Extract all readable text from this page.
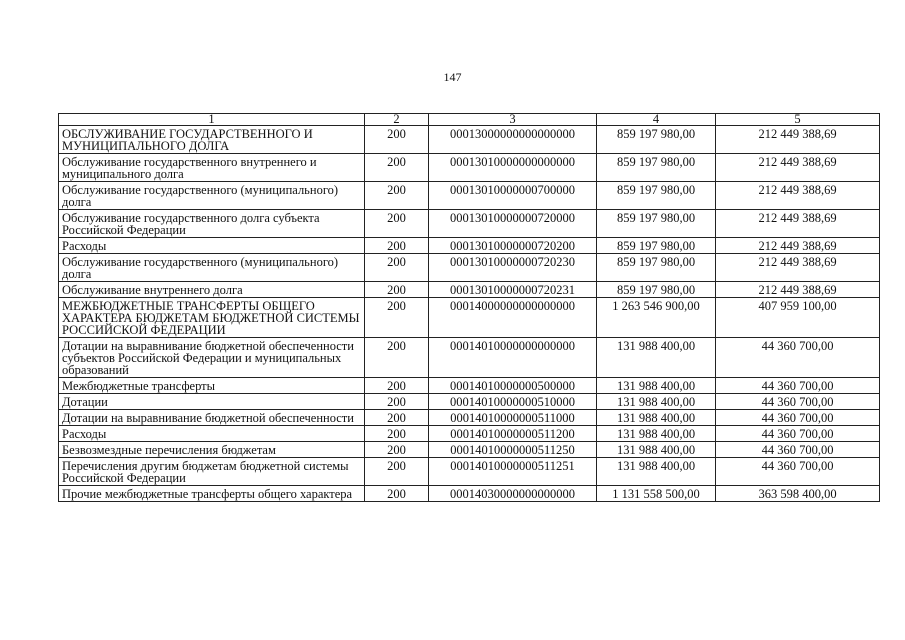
147
1	2	3	4	5
ОБСЛУЖИВАНИЕ ГОСУДАРСТВЕННОГО И МУНИЦИПАЛЬНОГО ДОЛГА	200	00013000000000000000	859 197 980,00	212 449 388,69
Обслуживание государственного внутреннего и муниципального долга	200	00013010000000000000	859 197 980,00	212 449 388,69
Обслуживание государственного (муниципального) долга	200	00013010000000700000	859 197 980,00	212 449 388,69
Обслуживание государственного долга субъекта Российской Федерации	200	00013010000000720000	859 197 980,00	212 449 388,69
Расходы	200	00013010000000720200	859 197 980,00	212 449 388,69
Обслуживание государственного (муниципального) долга	200	00013010000000720230	859 197 980,00	212 449 388,69
Обслуживание внутреннего долга	200	00013010000000720231	859 197 980,00	212 449 388,69
МЕЖБЮДЖЕТНЫЕ ТРАНСФЕРТЫ ОБЩЕГО ХАРАКТЕРА БЮДЖЕТАМ БЮДЖЕТНОЙ СИСТЕМЫ РОССИЙСКОЙ ФЕДЕРАЦИИ	200	00014000000000000000	1 263 546 900,00	407 959 100,00
Дотации на выравнивание бюджетной обеспеченности субъектов Российской Федерации и муниципальных образований	200	00014010000000000000	131 988 400,00	44 360 700,00
Межбюджетные трансферты	200	00014010000000500000	131 988 400,00	44 360 700,00
Дотации	200	00014010000000510000	131 988 400,00	44 360 700,00
Дотации на выравнивание бюджетной обеспеченности	200	00014010000000511000	131 988 400,00	44 360 700,00
Расходы	200	00014010000000511200	131 988 400,00	44 360 700,00
Безвозмездные перечисления бюджетам	200	00014010000000511250	131 988 400,00	44 360 700,00
Перечисления другим бюджетам бюджетной системы Российской Федерации	200	00014010000000511251	131 988 400,00	44 360 700,00
Прочие межбюджетные трансферты общего характера	200	00014030000000000000	1 131 558 500,00	363 598 400,00
